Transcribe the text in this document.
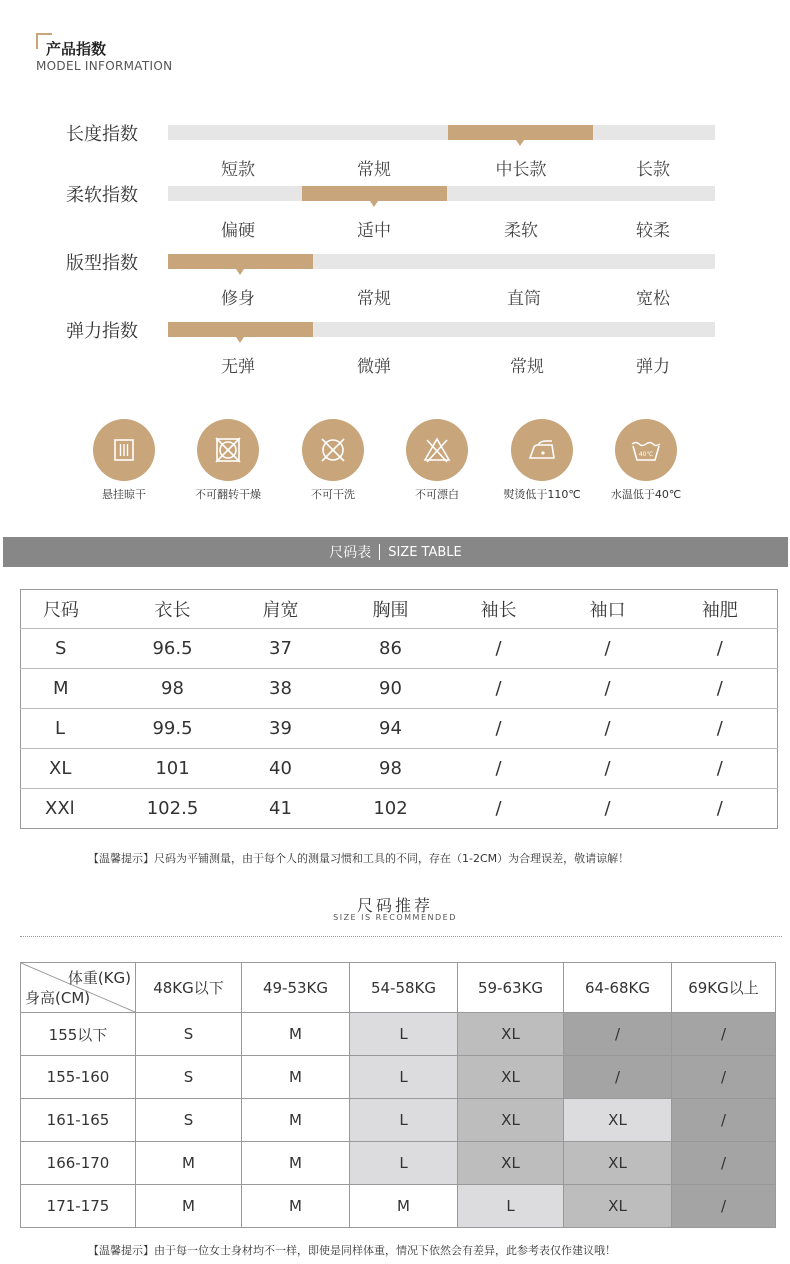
产品指数
MODEL INFORMATION
长度指数
短款	常规	中长款	长款
柔软指数
偏硬	适中	柔软	较柔
版型指数
修身	常规	直筒	宽松
弹力指数
无弹	微弹	常规	弹力
悬挂晾干	不可翻转干燥	不可干洗	不可漂白	熨烫低于110℃
40℃
水温低于40℃
尺码表 SIZE TABLE
尺码	衣长	肩宽	胸围	袖长	袖口	袖肥
S	96.5	37	86	/	/	/
M	98	38	90	/	/	/
L	99.5	39	94	/	/	/
XL	101	40	98	/	/	/
XXl	102.5	41	102	/	/	/
【温馨提示】尺码为平铺测量，由于每个人的测量习惯和工具的不同，存在（1-2CM）为合理误差，敬请谅解！
尺码推荐
SIZE IS RECOMMENDED
体重(KG)
身高(CM)	48KG以下	49-53KG	54-58KG	59-63KG	64-68KG	69KG以上
155以下	S	M	L	XL	/	/
155-160	S	M	L	XL	/	/
161-165	S	M	L	XL	XL	/
166-170	M	M	L	XL	XL	/
171-175	M	M	M	L	XL	/
【温馨提示】由于每一位女士身材均不一样，即使是同样体重，情况下依然会有差异，此参考表仅作建议哦！
